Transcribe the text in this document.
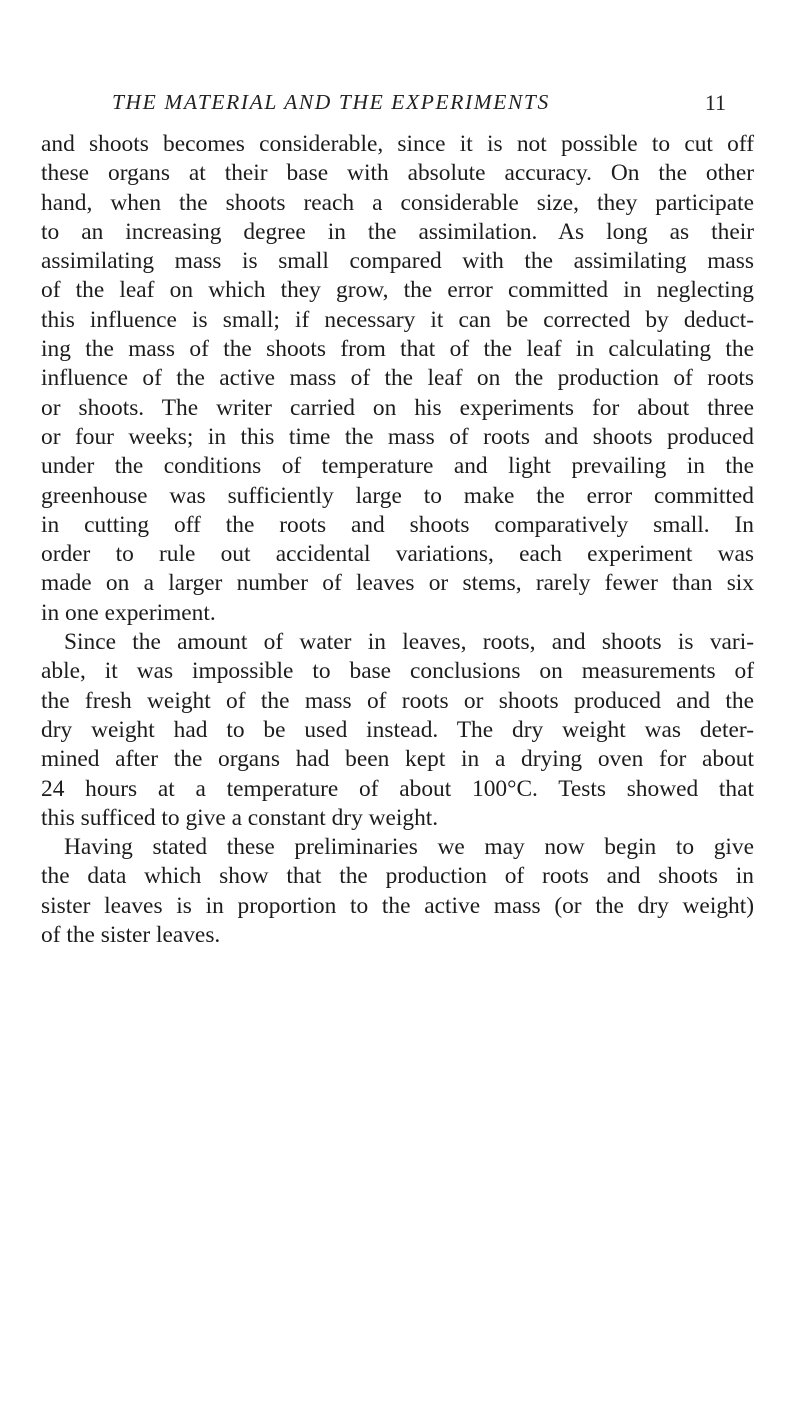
THE MATERIAL AND THE EXPERIMENTS	11
and shoots becomes considerable, since it is not possible to cut off
these organs at their base with absolute accuracy. On the other
hand, when the shoots reach a considerable size, they participate
to an increasing degree in the assimilation. As long as their
assimilating mass is small compared with the assimilating mass
of the leaf on which they grow, the error committed in neglecting
this influence is small; if necessary it can be corrected by deduct-
ing the mass of the shoots from that of the leaf in calculating the
influence of the active mass of the leaf on the production of roots
or shoots. The writer carried on his experiments for about three
or four weeks; in this time the mass of roots and shoots produced
under the conditions of temperature and light prevailing in the
greenhouse was sufficiently large to make the error committed
in cutting off the roots and shoots comparatively small. In
order to rule out accidental variations, each experiment was
made on a larger number of leaves or stems, rarely fewer than six
in one experiment.
Since the amount of water in leaves, roots, and shoots is vari-
able, it was impossible to base conclusions on measurements of
the fresh weight of the mass of roots or shoots produced and the
dry weight had to be used instead. The dry weight was deter-
mined after the organs had been kept in a drying oven for about
24 hours at a temperature of about 100°C. Tests showed that
this sufficed to give a constant dry weight.
Having stated these preliminaries we may now begin to give
the data which show that the production of roots and shoots in
sister leaves is in proportion to the active mass (or the dry weight)
of the sister leaves.
